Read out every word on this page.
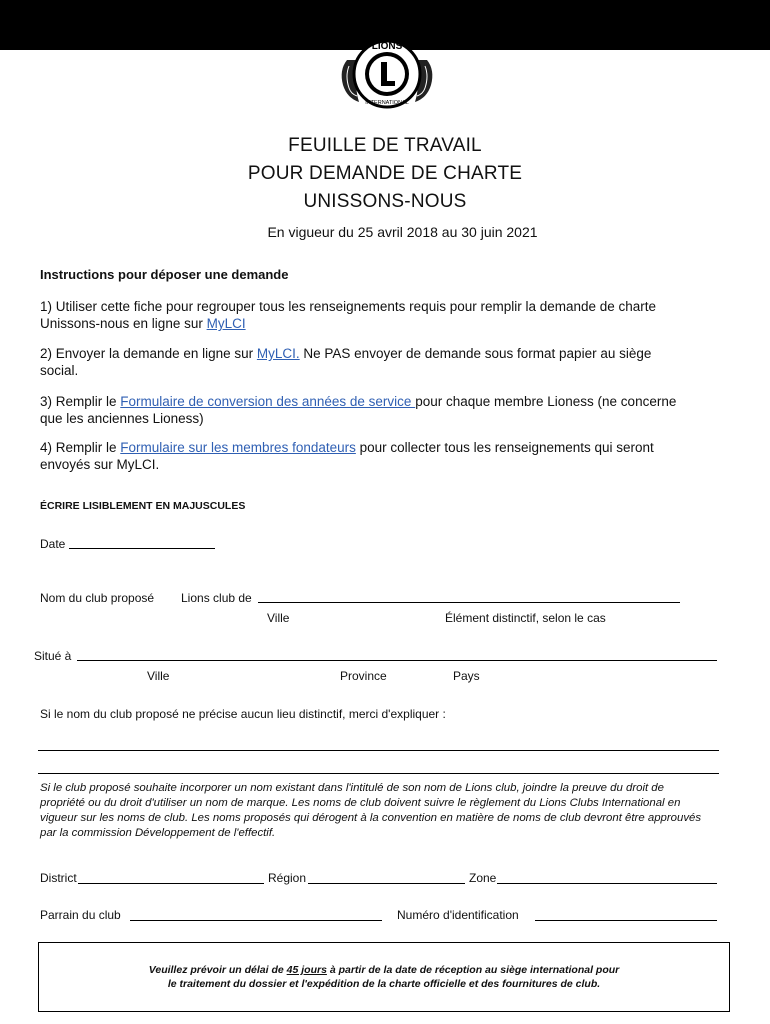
LIONS
INTERNATIONAL
FEUILLE DE TRAVAIL
POUR DEMANDE DE CHARTE
UNISSONS-NOUS
En vigueur du 25 avril 2018 au 30 juin 2021
Instructions pour déposer une demande
1) Utiliser cette fiche pour regrouper tous les renseignements requis pour remplir la demande de charte
Unissons-nous en ligne sur MyLCI
2) Envoyer la demande en ligne sur MyLCI. Ne PAS envoyer de demande sous format papier au siège
social.
3) Remplir le Formulaire de conversion des années de service pour chaque membre Lioness (ne concerne
que les anciennes Lioness)
4) Remplir le Formulaire sur les membres fondateurs pour collecter tous les renseignements qui seront
envoyés sur MyLCI.
ÉCRIRE LISIBLEMENT EN MAJUSCULES
Date
Nom du club proposé Lions club de
Ville	Élément distinctif, selon le cas
Situé à
Ville	Province	Pays
Si le nom du club proposé ne précise aucun lieu distinctif, merci d'expliquer :
Si le club proposé souhaite incorporer un nom existant dans l'intitulé de son nom de Lions club, joindre la preuve du droit de
propriété ou du droit d'utiliser un nom de marque. Les noms de club doivent suivre le règlement du Lions Clubs International en
vigueur sur les noms de club. Les noms proposés qui dérogent à la convention en matière de noms de club devront être approuvés
par la commission Développement de l'effectif.
District	Région	Zone
Parrain du club	Numéro d'identification
Veuillez prévoir un délai de 45 jours à partir de la date de réception au siège international pour
le traitement du dossier et l'expédition de la charte officielle et des fournitures de club.
